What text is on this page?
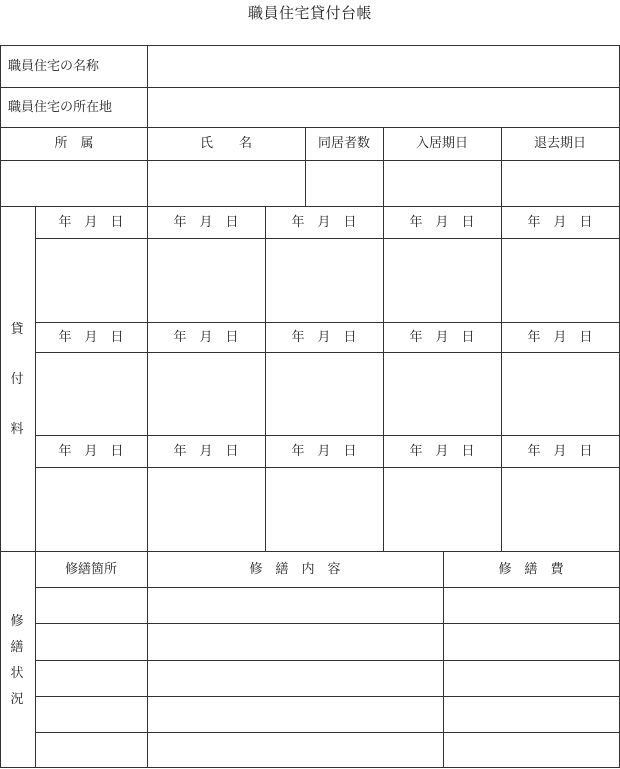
職員住宅貸付台帳
職員住宅の名称
職員住宅の所在地
所　属	氏　　名	同居者数	入居期日	退去期日
貸
付
料
年　月　日	年　月　日	年　月　日	年　月　日	年　月　日
年　月　日	年　月　日	年　月　日	年　月　日	年　月　日
年　月　日	年　月　日	年　月　日	年　月　日	年　月　日
修
繕
状
況
修繕箇所	修　繕　内　容	修　繕　費
